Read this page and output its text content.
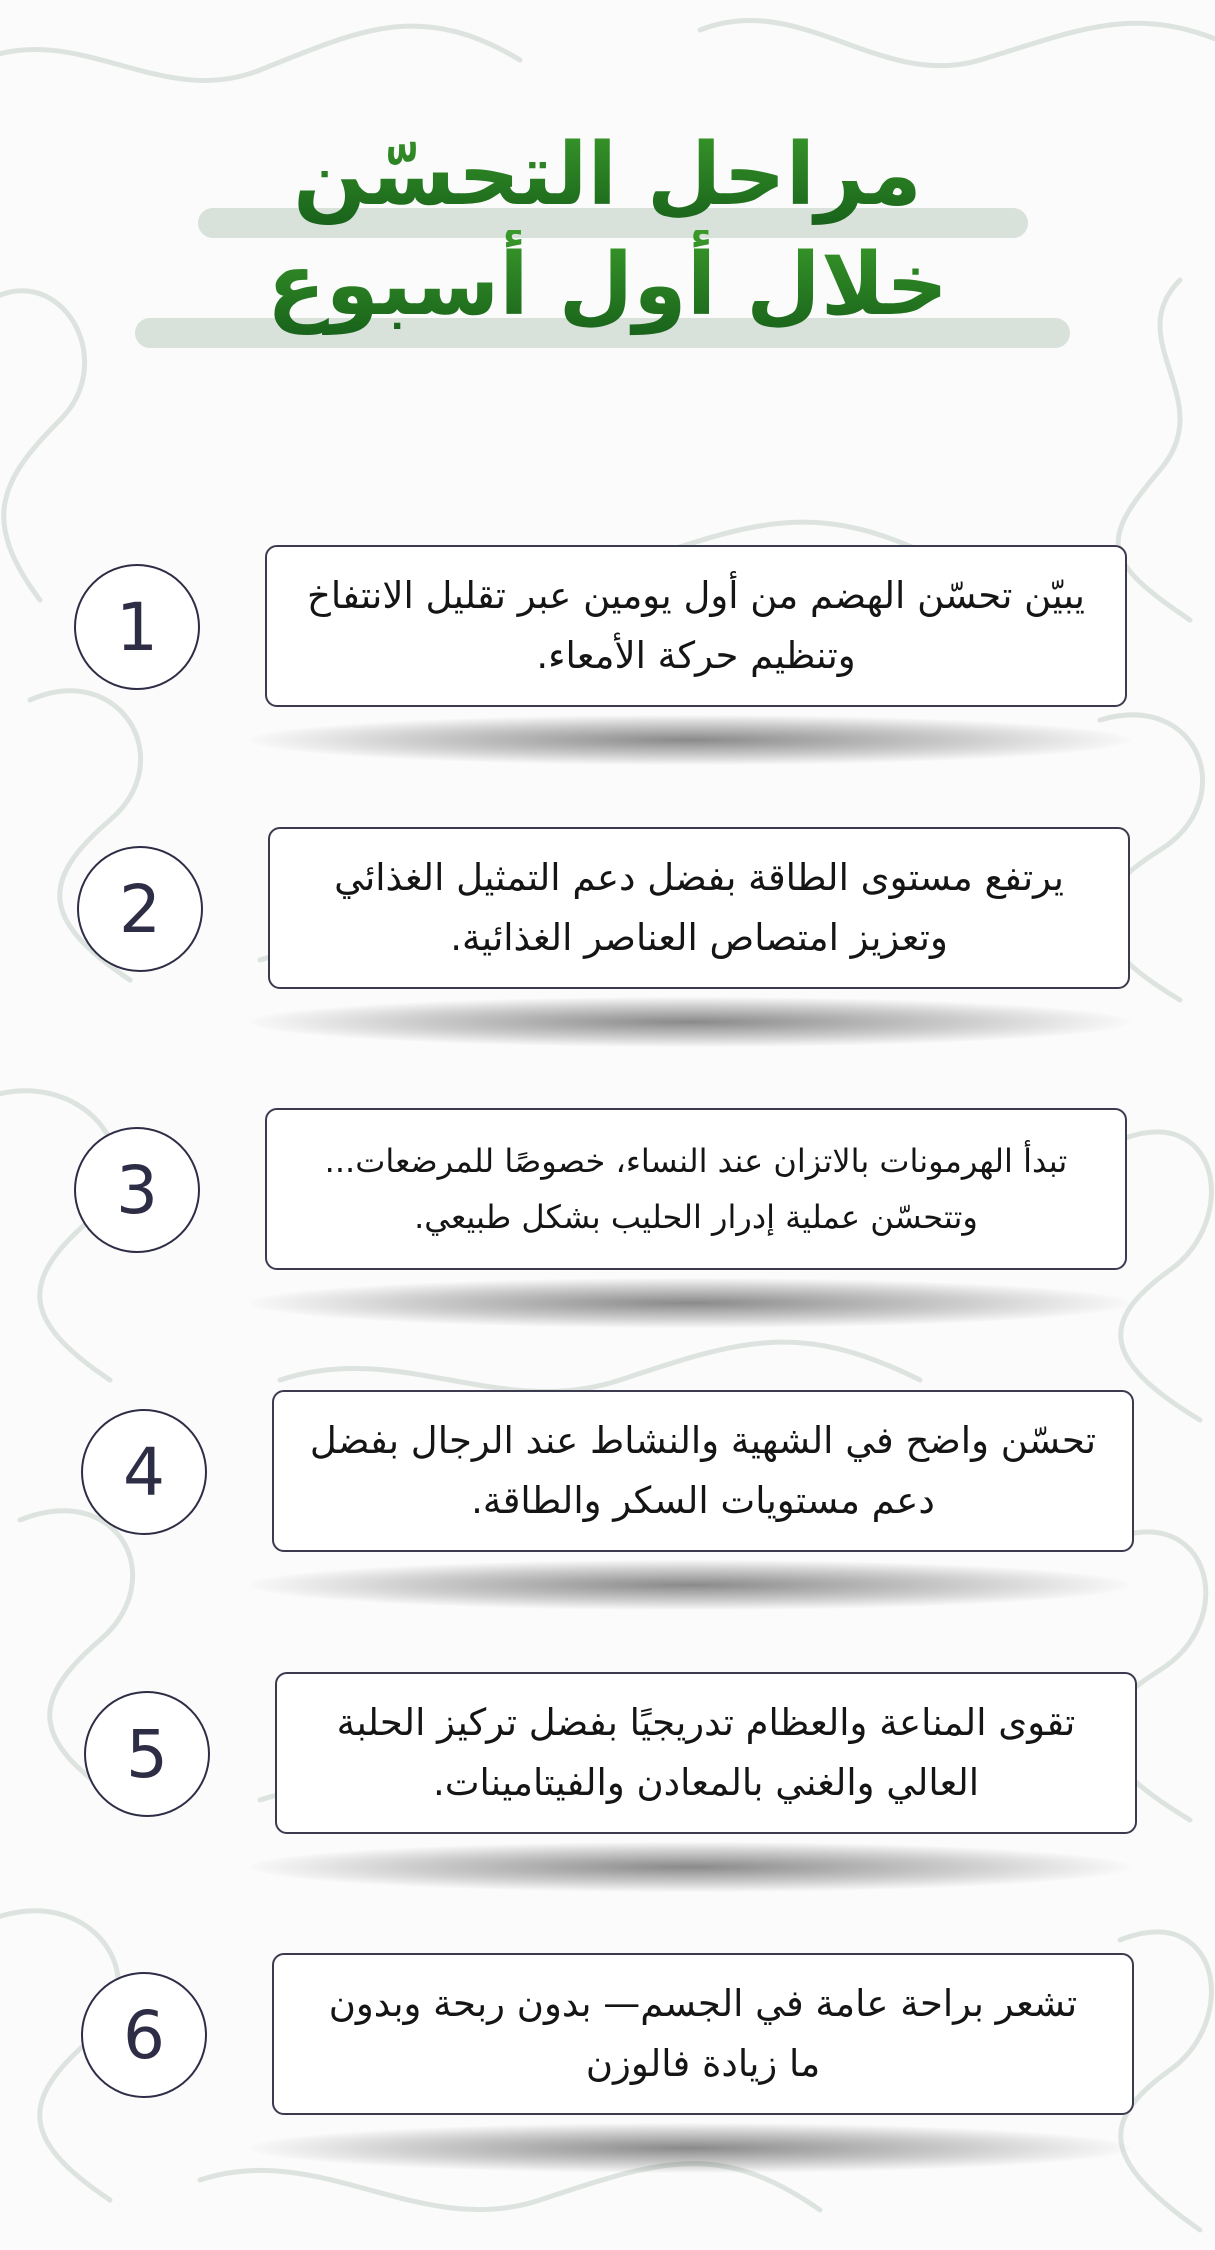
مراحل التحسّن
خلال أول أسبوع
يبيّن تحسّن الهضم من أول يومين عبر تقليل الانتفاخ وتنظيم حركة الأمعاء.
1
يرتفع مستوى الطاقة بفضل دعم التمثيل الغذائي وتعزيز امتصاص العناصر الغذائية.
2
تبدأ الهرمونات بالاتزان عند النساء، خصوصًا للمرضعات... وتتحسّن عملية إدرار الحليب بشكل طبيعي.
3
تحسّن واضح في الشهية والنشاط عند الرجال بفضل دعم مستويات السكر والطاقة.
4
تقوى المناعة والعظام تدريجيًا بفضل تركيز الحلبة العالي والغني بالمعادن والفيتامينات.
5
تشعر براحة عامة في الجسم— بدون ربحة وبدون ما زيادة فالوزن
6
